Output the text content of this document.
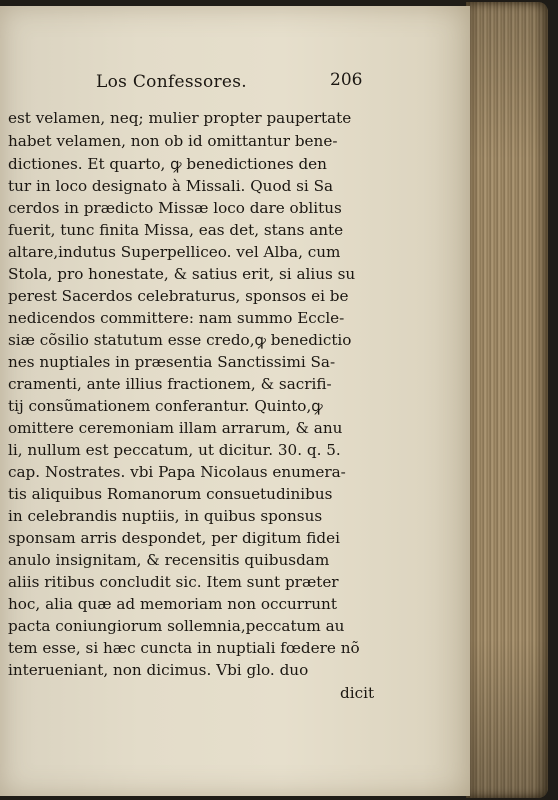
Los Confessores.	206
est velamen, neq; mulier propter paupertate
habet velamen, non ob id omittantur bene-
dictiones. Et quarto, ꝙ benedictiones den
tur in loco designato à Missali. Quod si Sa
cerdos in prædicto Missæ loco dare oblitus
fuerit, tunc finita Missa, eas det, stans ante
altare,indutus Superpelliceo. vel Alba, cum
Stola, pro honestate, & satius erit, si alius su
perest Sacerdos celebraturus, sponsos ei be
nedicendos committere: nam summo Eccle-
siæ cõsilio statutum esse credo,ꝙ benedictio
nes nuptiales in præsentia Sanctissimi Sa-
cramenti, ante illius fractionem, & sacrifi-
tij consũmationem conferantur. Quinto,ꝙ
omittere ceremoniam illam arrarum, & anu
li, nullum est peccatum, ut dicitur. 30. q. 5.
cap. Nostrates. vbi Papa Nicolaus enumera-
tis aliquibus Romanorum consuetudinibus
in celebrandis nuptiis, in quibus sponsus
sponsam arris despondet, per digitum fidei
anulo insignitam, & recensitis quibusdam
aliis ritibus concludit sic. Item sunt præter
hoc, alia quæ ad memoriam non occurrunt
pacta coniungiorum sollemnia,peccatum au
tem esse, si hæc cuncta in nuptiali fœdere nõ
interueniant, non dicimus. Vbi glo. duo
dicit
